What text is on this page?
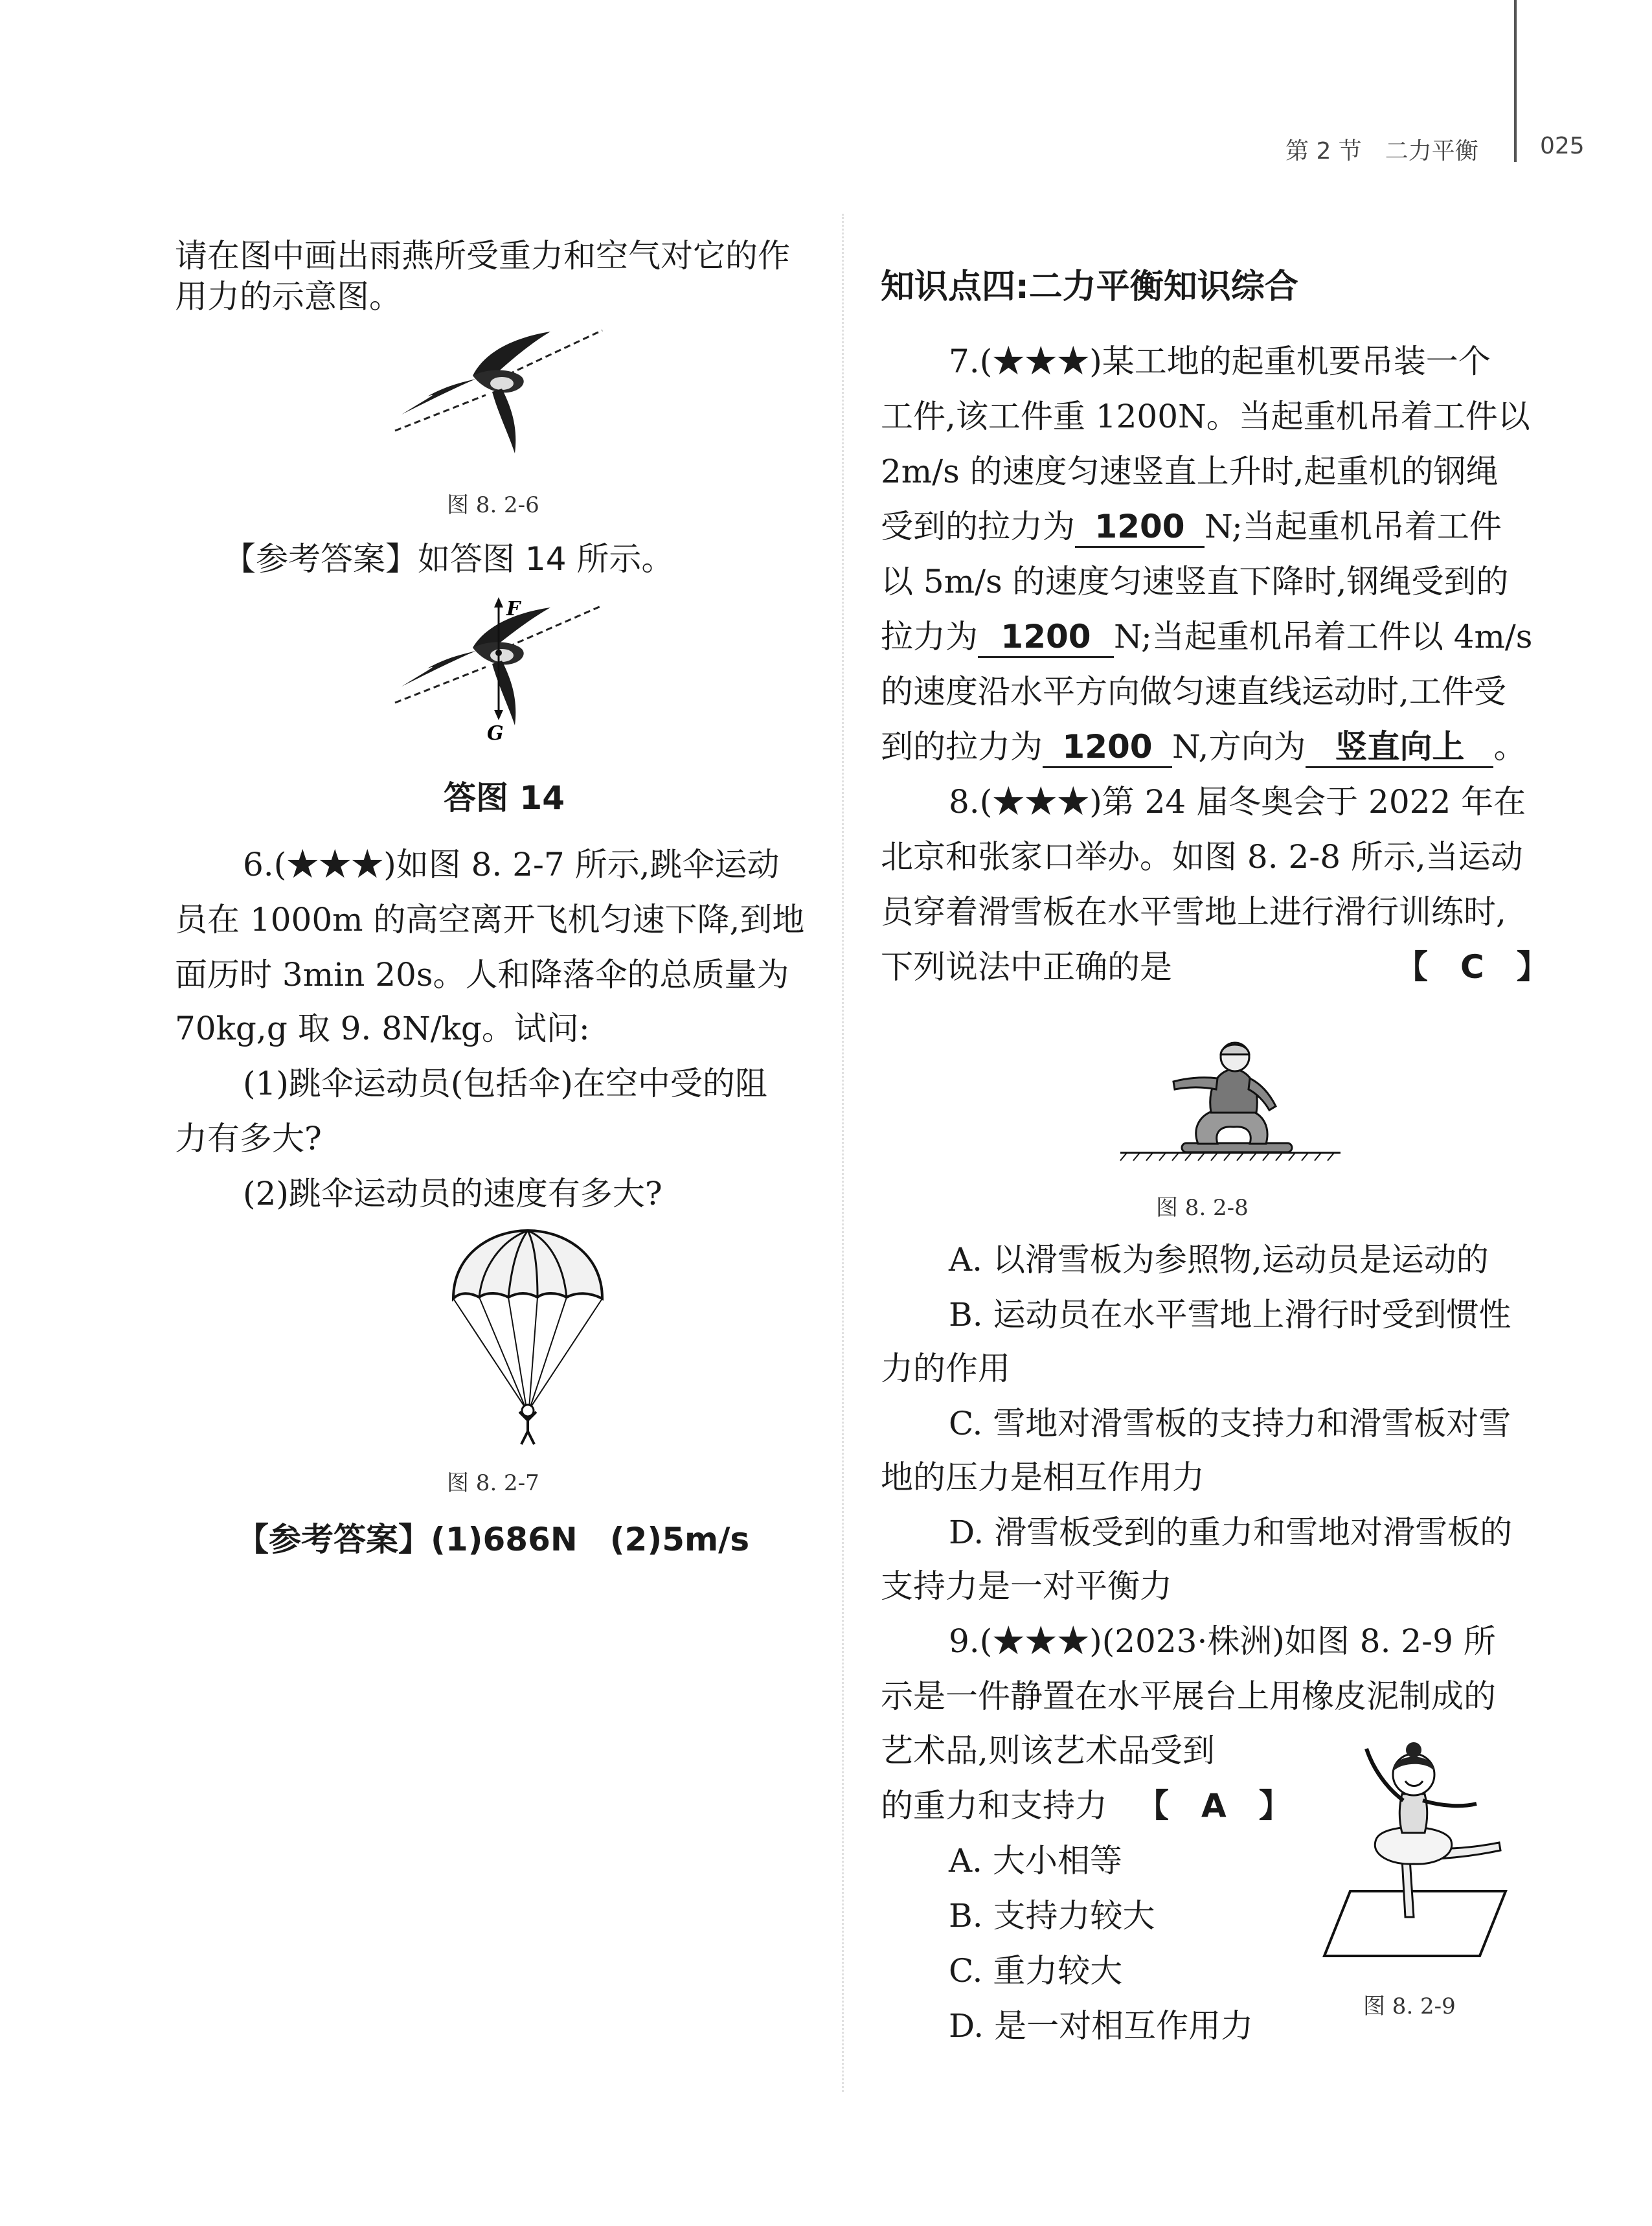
第 2 节　二力平衡	025
请在图中画出雨燕所受重力和空气对它的作
用力的示意图。
图 8. 2-6
【参考答案】如答图 14 所示。
F
G
答图 14
6.(★★★)如图 8. 2-7 所示,跳伞运动
员在 1000m 的高空离开飞机匀速下降,到地
面历时 3min 20s。人和降落伞的总质量为
70kg,g 取 9. 8N/kg。试问:
(1)跳伞运动员(包括伞)在空中受的阻
力有多大?
(2)跳伞运动员的速度有多大?
图 8. 2-7
【参考答案】(1)686N　(2)5m/s
知识点四:二力平衡知识综合
7.(★★★)某工地的起重机要吊装一个
工件,该工件重 1200N。当起重机吊着工件以
2m/s 的速度匀速竖直上升时,起重机的钢绳
受到的拉力为 1200 N;当起重机吊着工件
以 5m/s 的速度匀速竖直下降时,钢绳受到的
拉力为 1200 N;当起重机吊着工件以 4m/s
的速度沿水平方向做匀速直线运动时,工件受
到的拉力为 1200 N,方向为 竖直向上 。
8.(★★★)第 24 届冬奥会于 2022 年在
北京和张家口举办。如图 8. 2-8 所示,当运动
员穿着滑雪板在水平雪地上进行滑行训练时,
下列说法中正确的是	【　C　】
图 8. 2-8
A. 以滑雪板为参照物,运动员是运动的
B. 运动员在水平雪地上滑行时受到惯性
力的作用
C. 雪地对滑雪板的支持力和滑雪板对雪
地的压力是相互作用力
D. 滑雪板受到的重力和雪地对滑雪板的
支持力是一对平衡力
9.(★★★)(2023·株洲)如图 8. 2-9 所
示是一件静置在水平展台上用橡皮泥制成的
艺术品,则该艺术品受到
的重力和支持力 【　A　】
A. 大小相等
B. 支持力较大
C. 重力较大
D. 是一对相互作用力
图 8. 2-9
